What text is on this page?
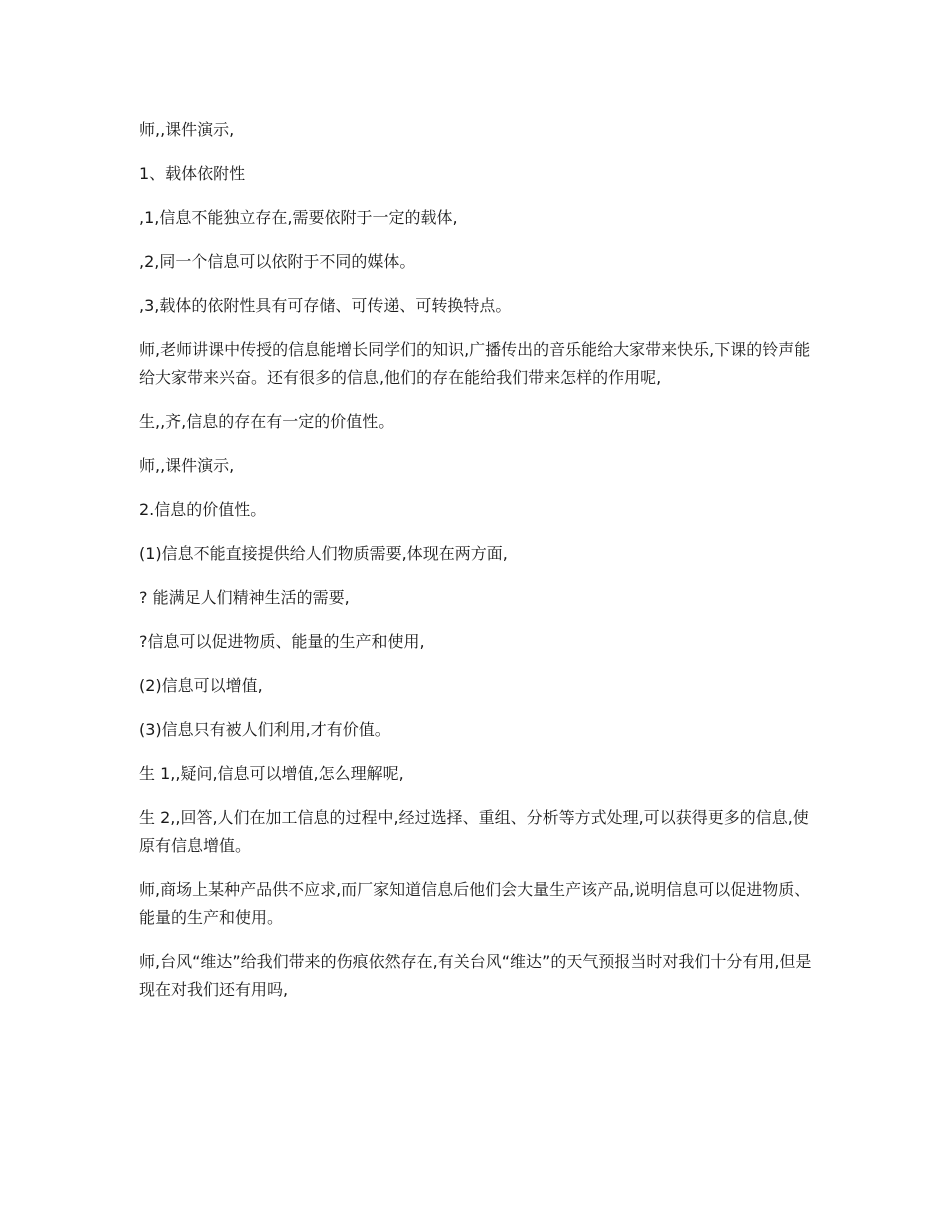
师,,课件演示,

1、载体依附性

,1,信息不能独立存在,需要依附于一定的载体,

,2,同一个信息可以依附于不同的媒体。

,3,载体的依附性具有可存储、可传递、可转换特点。

师,老师讲课中传授的信息能增长同学们的知识,广播传出的音乐能给大家带来快乐,下课的铃声能给大家带来兴奋。还有很多的信息,他们的存在能给我们带来怎样的作用呢,

生,,齐,信息的存在有一定的价值性。

师,,课件演示,

2.信息的价值性。

(1)信息不能直接提供给人们物质需要,体现在两方面,

? 能满足人们精神生活的需要,

?信息可以促进物质、能量的生产和使用,

(2)信息可以增值,

(3)信息只有被人们利用,才有价值。

生 1,,疑问,信息可以增值,怎么理解呢,

生 2,,回答,人们在加工信息的过程中,经过选择、重组、分析等方式处理,可以获得更多的信息,使原有信息增值。

师,商场上某种产品供不应求,而厂家知道信息后他们会大量生产该产品,说明信息可以促进物质、能量的生产和使用。

师,台风“维达”给我们带来的伤痕依然存在,有关台风“维达”的天气预报当时对我们十分有用,但是现在对我们还有用吗,
